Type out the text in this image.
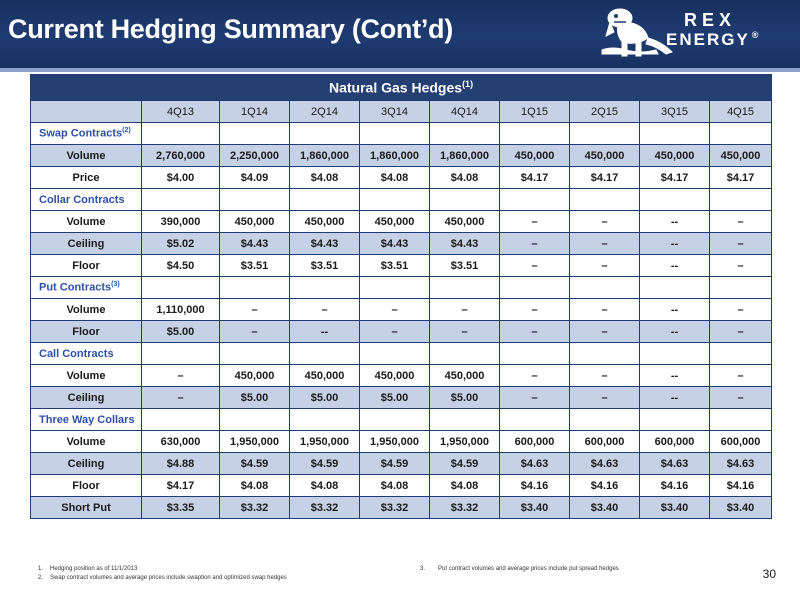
Current Hedging Summary (Cont’d)	REX
ENERGY ®
Natural Gas Hedges$^{(1)}$
	4Q13	1Q14	2Q14	3Q14	4Q14	1Q15	2Q15	3Q15	4Q15
Swap Contracts$^{(2)}$									
Volume	2,760,000	2,250,000	1,860,000	1,860,000	1,860,000	450,000	450,000	450,000	450,000
Price	$4.00	$4.09	$4.08	$4.08	$4.08	$4.17	$4.17	$4.17	$4.17
Collar Contracts									
Volume	390,000	450,000	450,000	450,000	450,000	–	–	--	–
Ceiling	$5.02	$4.43	$4.43	$4.43	$4.43	–	–	--	–
Floor	$4.50	$3.51	$3.51	$3.51	$3.51	–	–	--	–
Put Contracts$^{(3)}$									
Volume	1,110,000	–	–	–	–	–	–	--	–
Floor	$5.00	–	--	–	–	–	–	--	–
Call Contracts									
Volume	–	450,000	450,000	450,000	450,000	–	–	--	–
Ceiling	–	$5.00	$5.00	$5.00	$5.00	–	–	--	–
Three Way Collars									
Volume	630,000	1,950,000	1,950,000	1,950,000	1,950,000	600,000	600,000	600,000	600,000
Ceiling	$4.88	$4.59	$4.59	$4.59	$4.59	$4.63	$4.63	$4.63	$4.63
Floor	$4.17	$4.08	$4.08	$4.08	$4.08	$4.16	$4.16	$4.16	$4.16
Short Put	$3.35	$3.32	$3.32	$3.32	$3.32	$3.40	$3.40	$3.40	$3.40
1. Hedging position as of 11/1/2013
2. Swap contract volumes and average prices include swaption and optimized swap hedges
3. Put contract volumes and average prices include put spread hedges	30
